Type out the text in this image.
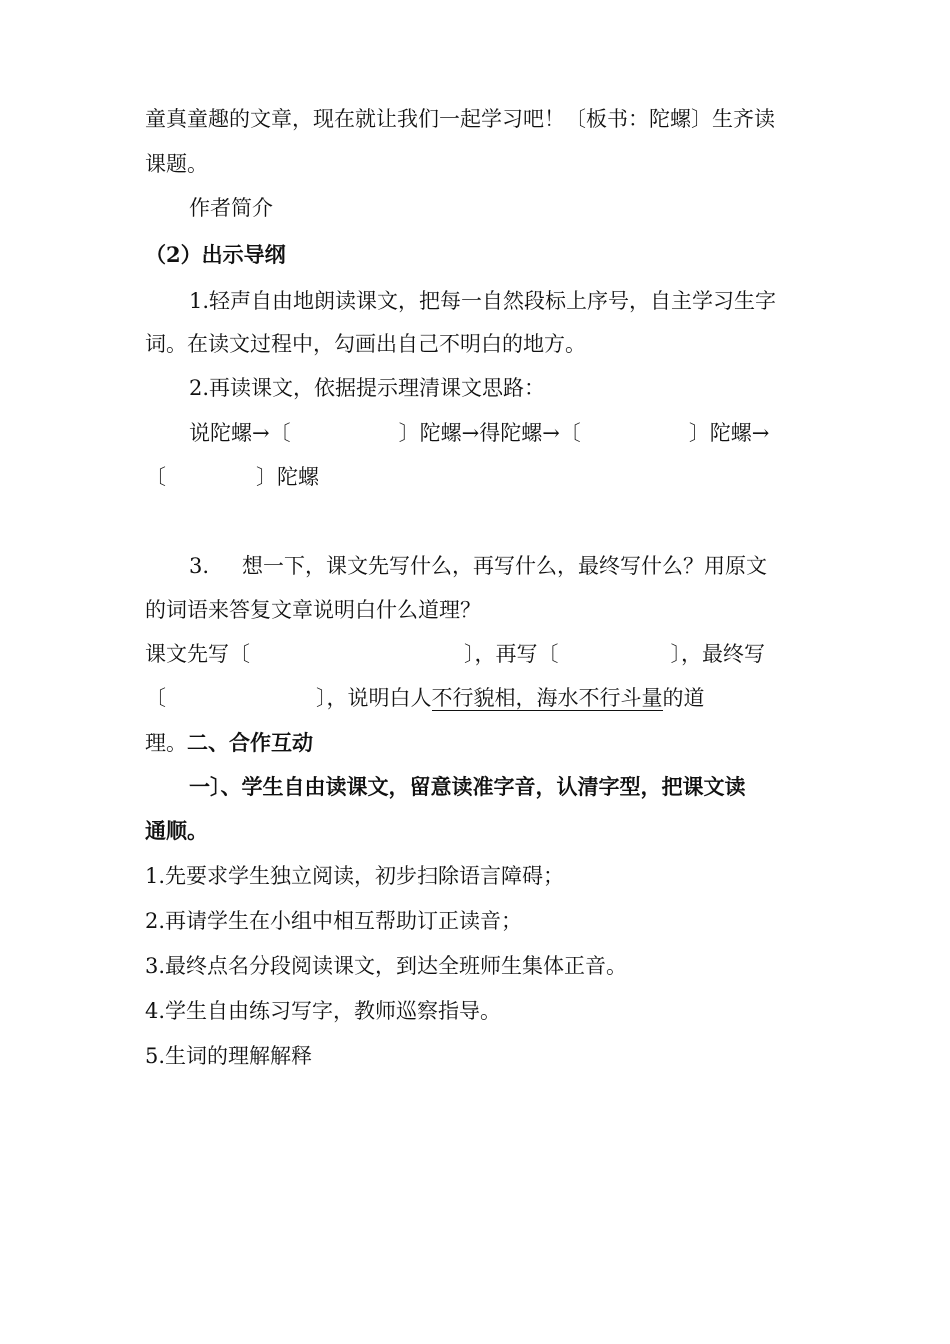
童真童趣的文章，现在就让我们一起学习吧！〔板书：陀螺〕生齐读
课题。
作者简介
（2）出示导纲
1.轻声自由地朗读课文，把每一自然段标上序号，自主学习生字
词。在读文过程中，勾画出自己不明白的地方。
2.再读课文，依据提示理清课文思路：
说陀螺→〔	〕陀螺→得陀螺→〔	〕陀螺→
〔	〕陀螺
3. 想一下，课文先写什么，再写什么，最终写什么？用原文
的词语来答复文章说明白什么道理？
课文先写〔	〕，再写〔	〕，最终写
〔	〕，说明白人不行貌相，海水不行斗量的道
理。二、合作互动
一〕、学生自由读课文，留意读准字音，认清字型，把课文读
通顺。
1.先要求学生独立阅读，初步扫除语言障碍；
2.再请学生在小组中相互帮助订正读音；
3.最终点名分段阅读课文，到达全班师生集体正音。
4.学生自由练习写字，教师巡察指导。
5.生词的理解解释
